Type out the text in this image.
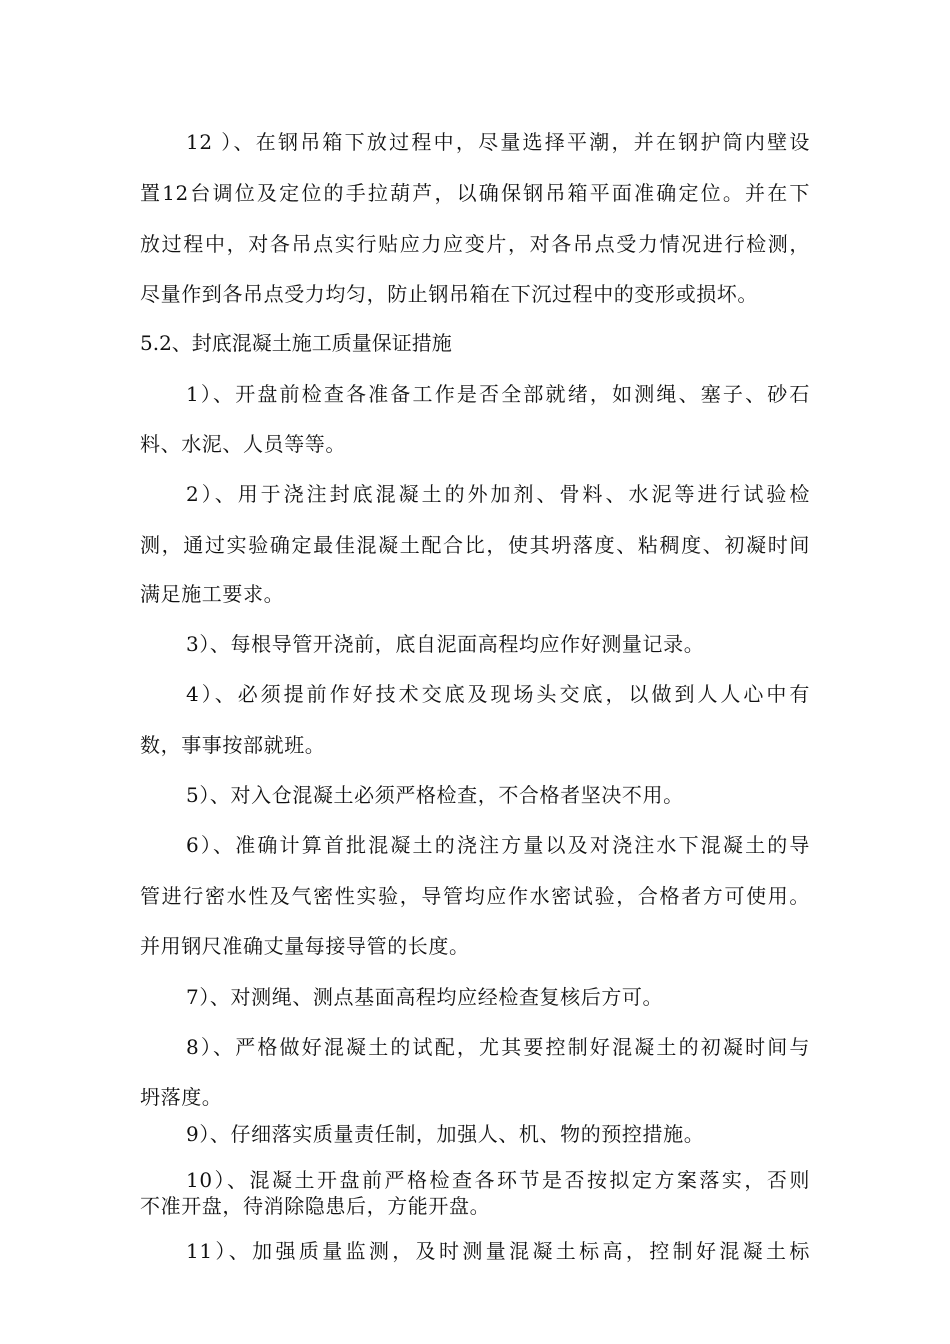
12 ）、在钢吊箱下放过程中，尽量选择平潮，并在钢护筒内壁设
置12台调位及定位的手拉葫芦，以确保钢吊箱平面准确定位。并在下
放过程中，对各吊点实行贴应力应变片，对各吊点受力情况进行检测，
尽量作到各吊点受力均匀，防止钢吊箱在下沉过程中的变形或损坏。
5.2、封底混凝土施工质量保证措施
1）、开盘前检查各准备工作是否全部就绪，如测绳、塞子、砂石
料、水泥、人员等等。
2）、用于浇注封底混凝土的外加剂、骨料、水泥等进行试验检
测，通过实验确定最佳混凝土配合比，使其坍落度、粘稠度、初凝时间
满足施工要求。
3）、每根导管开浇前，底自泥面高程均应作好测量记录。
4）、必须提前作好技术交底及现场头交底，以做到人人心中有
数，事事按部就班。
5）、对入仓混凝土必须严格检查，不合格者坚决不用。
6）、准确计算首批混凝土的浇注方量以及对浇注水下混凝土的导
管进行密水性及气密性实验，导管均应作水密试验，合格者方可使用。
并用钢尺准确丈量每接导管的长度。
7）、对测绳、测点基面高程均应经检查复核后方可。
8）、严格做好混凝土的试配，尤其要控制好混凝土的初凝时间与
坍落度。
9）、仔细落实质量责任制，加强人、机、物的预控措施。
10）、混凝土开盘前严格检查各环节是否按拟定方案落实，否则
不准开盘，待消除隐患后，方能开盘。
11）、加强质量监测，及时测量混凝土标高，控制好混凝土标
